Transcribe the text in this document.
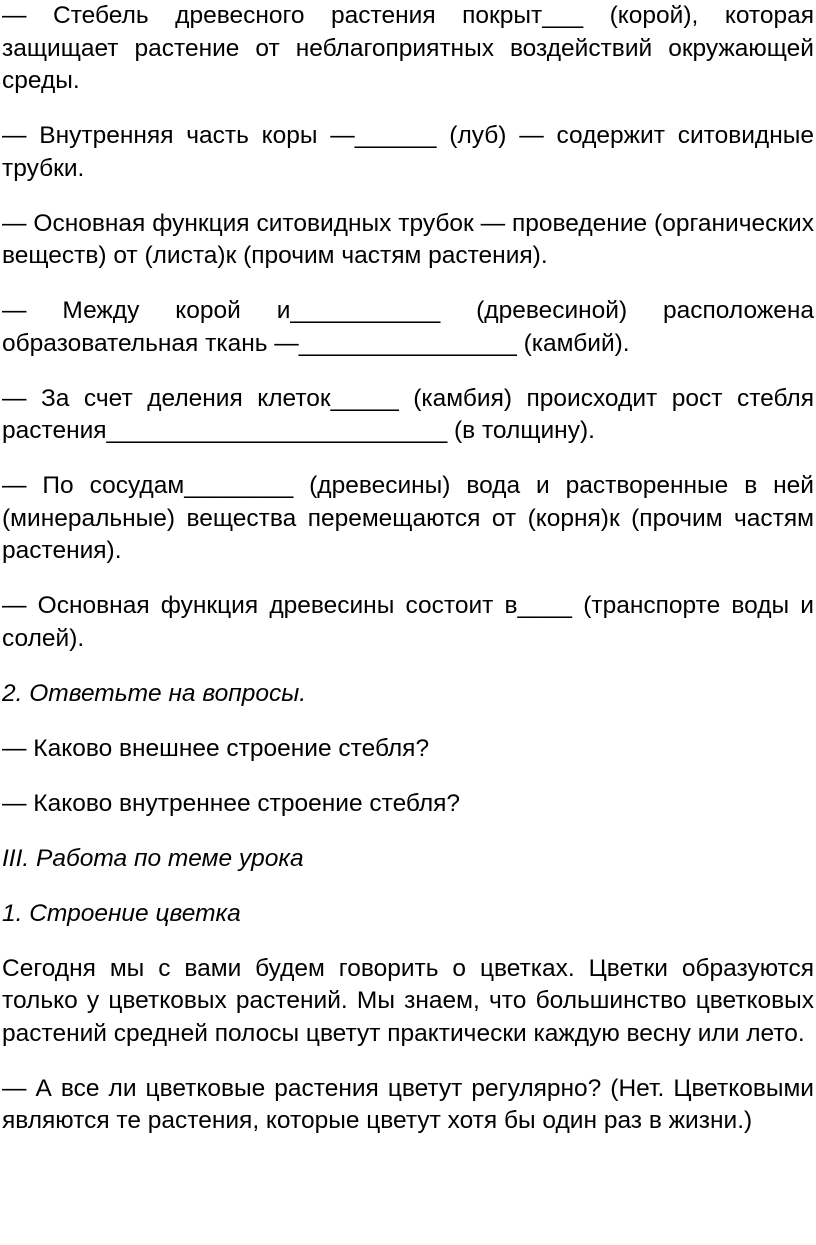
— Стебель древесного растения покрыт___ (корой), которая защищает растение от неблагоприятных воздействий окружающей среды.

— Внутренняя часть коры —______ (луб) — содержит ситовидные трубки.

— Основная функция ситовидных трубок — проведение (органических веществ) от (листа)к (прочим частям растения).

— Между корой и___________ (древесиной) расположена образовательная ткань —________________ (камбий).

— За счет деления клеток_____ (камбия) происходит рост стебля растения_________________________ (в толщину).

— По сосудам________ (древесины) вода и растворенные в ней (минеральные) вещества перемещаются от (корня)к (прочим частям растения).

— Основная функция древесины состоит в____ (транспорте воды и солей).

2. Ответьте на вопросы.

— Каково внешнее строение стебля?

— Каково внутреннее строение стебля?

III. Работа по теме урока

1. Строение цветка

Сегодня мы с вами будем говорить о цветках. Цветки образуются только у цветковых растений. Мы знаем, что большинство цветковых растений средней полосы цветут практически каждую весну или лето.

— А все ли цветковые растения цветут регулярно? (Нет. Цветковыми являются те растения, которые цветут хотя бы один раз в жизни.)
